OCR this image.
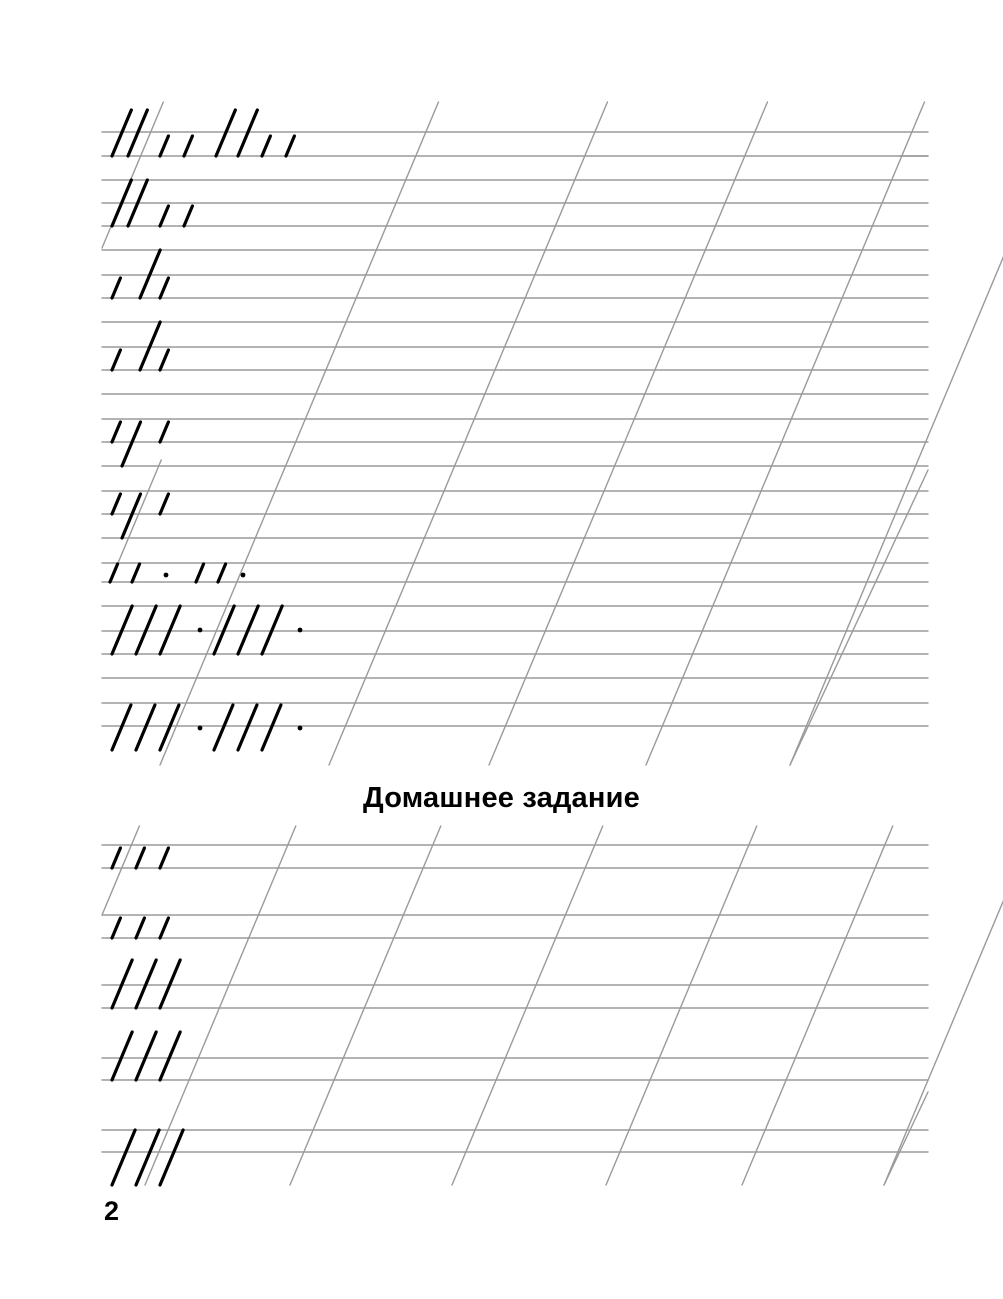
Домашнее задание
2
